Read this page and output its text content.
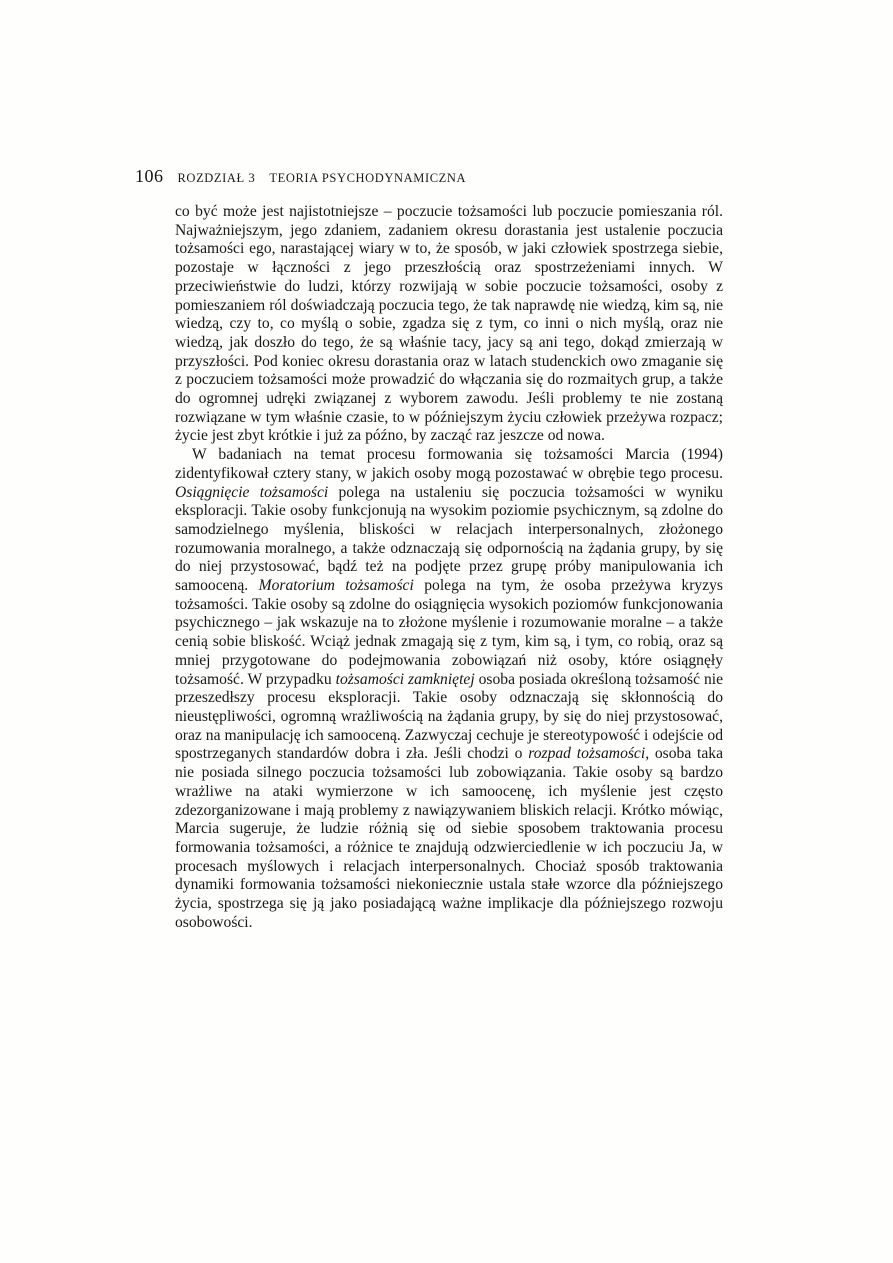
106 ROZDZIAŁ 3 TEORIA PSYCHODYNAMICZNA

co być może jest najistotniejsze – poczucie tożsamości lub poczucie pomieszania ról. Najważniejszym, jego zdaniem, zadaniem okresu dorastania jest ustalenie poczucia tożsamości ego, narastającej wiary w to, że sposób, w jaki człowiek spostrzega siebie, pozostaje w łączności z jego przeszłością oraz spostrzeżeniami innych. W przeciwieństwie do ludzi, którzy rozwijają w sobie poczucie tożsamości, osoby z pomieszaniem ról doświadczają poczucia tego, że tak naprawdę nie wiedzą, kim są, nie wiedzą, czy to, co myślą o sobie, zgadza się z tym, co inni o nich myślą, oraz nie wiedzą, jak doszło do tego, że są właśnie tacy, jacy są ani tego, dokąd zmierzają w przyszłości. Pod koniec okresu dorastania oraz w latach studenckich owo zmaganie się z poczuciem tożsamości może prowadzić do włączania się do rozmaitych grup, a także do ogromnej udręki związanej z wyborem zawodu. Jeśli problemy te nie zostaną rozwiązane w tym właśnie czasie, to w późniejszym życiu człowiek przeżywa rozpacz; życie jest zbyt krótkie i już za późno, by zacząć raz jeszcze od nowa.

W badaniach na temat procesu formowania się tożsamości Marcia (1994) zidentyfikował cztery stany, w jakich osoby mogą pozostawać w obrębie tego procesu. Osiągnięcie tożsamości polega na ustaleniu się poczucia tożsamości w wyniku eksploracji. Takie osoby funkcjonują na wysokim poziomie psychicznym, są zdolne do samodzielnego myślenia, bliskości w relacjach interpersonalnych, złożonego rozumowania moralnego, a także odznaczają się odpornością na żądania grupy, by się do niej przystosować, bądź też na podjęte przez grupę próby manipulowania ich samooceną. Moratorium tożsamości polega na tym, że osoba przeżywa kryzys tożsamości. Takie osoby są zdolne do osiągnięcia wysokich poziomów funkcjonowania psychicznego – jak wskazuje na to złożone myślenie i rozumowanie moralne – a także cenią sobie bliskość. Wciąż jednak zmagają się z tym, kim są, i tym, co robią, oraz są mniej przygotowane do podejmowania zobowiązań niż osoby, które osiągnęły tożsamość. W przypadku tożsamości zamkniętej osoba posiada określoną tożsamość nie przeszedłszy procesu eksploracji. Takie osoby odznaczają się skłonnością do nieustępliwości, ogromną wrażliwością na żądania grupy, by się do niej przystosować, oraz na manipulację ich samooceną. Zazwyczaj cechuje je stereotypowość i odejście od spostrzeganych standardów dobra i zła. Jeśli chodzi o rozpad tożsamości, osoba taka nie posiada silnego poczucia tożsamości lub zobowiązania. Takie osoby są bardzo wrażliwe na ataki wymierzone w ich samoocenę, ich myślenie jest często zdezorganizowane i mają problemy z nawiązywaniem bliskich relacji. Krótko mówiąc, Marcia sugeruje, że ludzie różnią się od siebie sposobem traktowania procesu formowania tożsamości, a różnice te znajdują odzwierciedlenie w ich poczuciu Ja, w procesach myślowych i relacjach interpersonalnych. Chociaż sposób traktowania dynamiki formowania tożsamości niekoniecznie ustala stałe wzorce dla późniejszego życia, spostrzega się ją jako posiadającą ważne implikacje dla późniejszego rozwoju osobowości.
